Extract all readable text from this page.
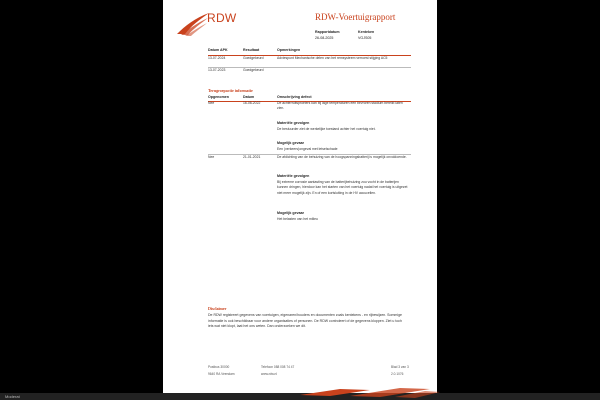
RDW	RDW-Voertuigrapport
Rapportdatum
26-08-2025
Kenteken
VGJS05
Datum APK	Resultaat	Opmerkingen
13-07-2024	Goedgekeurd	Adviespunt Mechanische delen van het remsysteem verroest stijging AC5
13-07-2023	Goedgekeurd
Terugroepactie informatie
Opgenomen	Datum	Omschrijving defect
Nee	16-08-2022	De achterruitsproeiers kan bij lage temperaturen een bevroren stadium bereikt laten zien.
Materiële gevolgen
De bestuurder ziet de werkelijke toestand achter het voertuig niet.
Mogelijk gevaar
Een (verkeers)ongeval met letselschade
Nee	21-01-2021	De afdichting van de behuizing van de hoogspanningsbatterij is mogelijk onvoldoende.
Materiële gevolgen
Bij extreme corrosie aantasting van de batterijbehuizing zou vocht in de batterijen kunnen dringen, hierdoor kan het starten van het voertuig nadat het voertuig is uitgezet niet meer mogelijk zijn. En of een kortsluiting in de HV accucellen.
Mogelijk gevaar
Het belasten van het milieu
Disclaimer
De RDW registreert gegevens van voertuigen, eigenaren/houders en documenten zoals kentekens - en rijbewijzen. Sommige informatie is ook beschikbaar voor andere organisaties of personen. De RDW controleert of de gegevens kloppen. Ziet u toch iets wat niet klopt, laat het ons weten. Dan onderzoeken we dit.
Postbus 30000
9640 RA Veendam
Telefoon 088 008 74 47
www.rdw.nl
Blad 3 van 3
2.0.1076
Moderat
